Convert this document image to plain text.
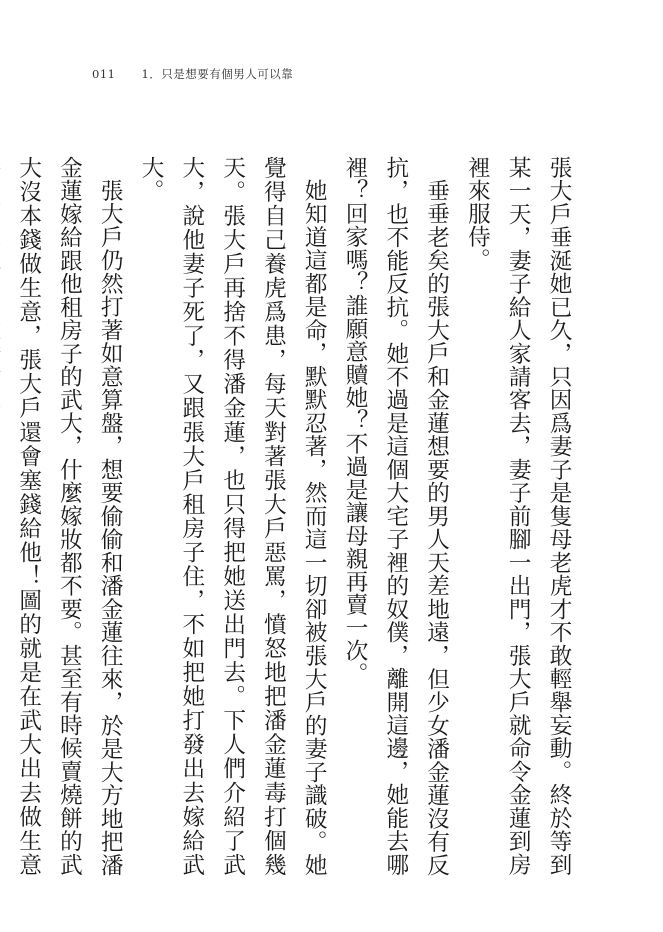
011 1．只是想要有個男人可以靠

張大戶垂涎她已久，只因爲妻子是隻母老虎才不敢輕舉妄動。終於等到某一天，妻子給人家請客去，妻子前腳一出門，張大戶就命令金蓮到房裡來服侍。

垂垂老矣的張大戶和金蓮想要的男人天差地遠，但少女潘金蓮沒有反抗，也不能反抗。她不過是這個大宅子裡的奴僕，離開這邊，她能去哪裡？回家嗎？誰願意贖她？不過是讓母親再賣一次。

她知道這都是命，默默忍著，然而這一切卻被張大戶的妻子識破。她覺得自己養虎爲患，每天對著張大戶惡罵，憤怒地把潘金蓮毒打個幾天。張大戶再捨不得潘金蓮，也只得把她送出門去。下人們介紹了武大，說他妻子死了，又跟張大戶租房子住，不如把她打發出去嫁給武大。

張大戶仍然打著如意算盤，想要偷偷和潘金蓮往來，於是大方地把潘金蓮嫁給跟他租房子的武大，什麼嫁妝都不要。甚至有時候賣燒餅的武大沒本錢做生意，張大戶還會塞錢給他！圖的就是在武大出去做生意
